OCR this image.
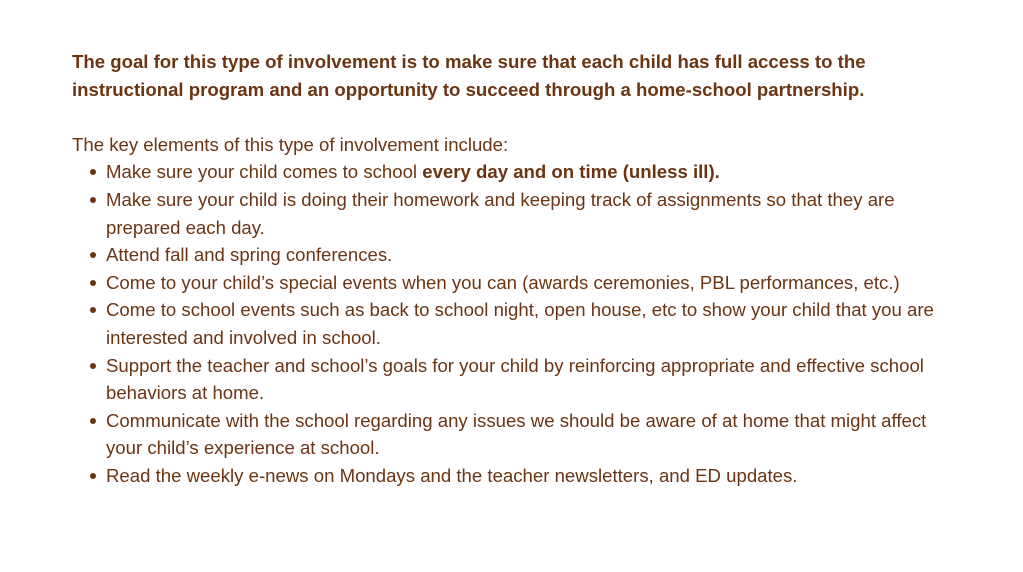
The goal for this type of involvement is to make sure that each child has full access to the instructional program and an opportunity to succeed through a home-school partnership.

The key elements of this type of involvement include:

Make sure your child comes to school every day and on time (unless ill).
Make sure your child is doing their homework and keeping track of assignments so that they are prepared each day.
Attend fall and spring conferences.
Come to your child’s special events when you can (awards ceremonies, PBL performances, etc.)
Come to school events such as back to school night, open house, etc to show your child that you are interested and involved in school.
Support the teacher and school’s goals for your child by reinforcing appropriate and effective school behaviors at home.
Communicate with the school regarding any issues we should be aware of at home that might affect your child’s experience at school.
Read the weekly e-news on Mondays and the teacher newsletters, and ED updates.
